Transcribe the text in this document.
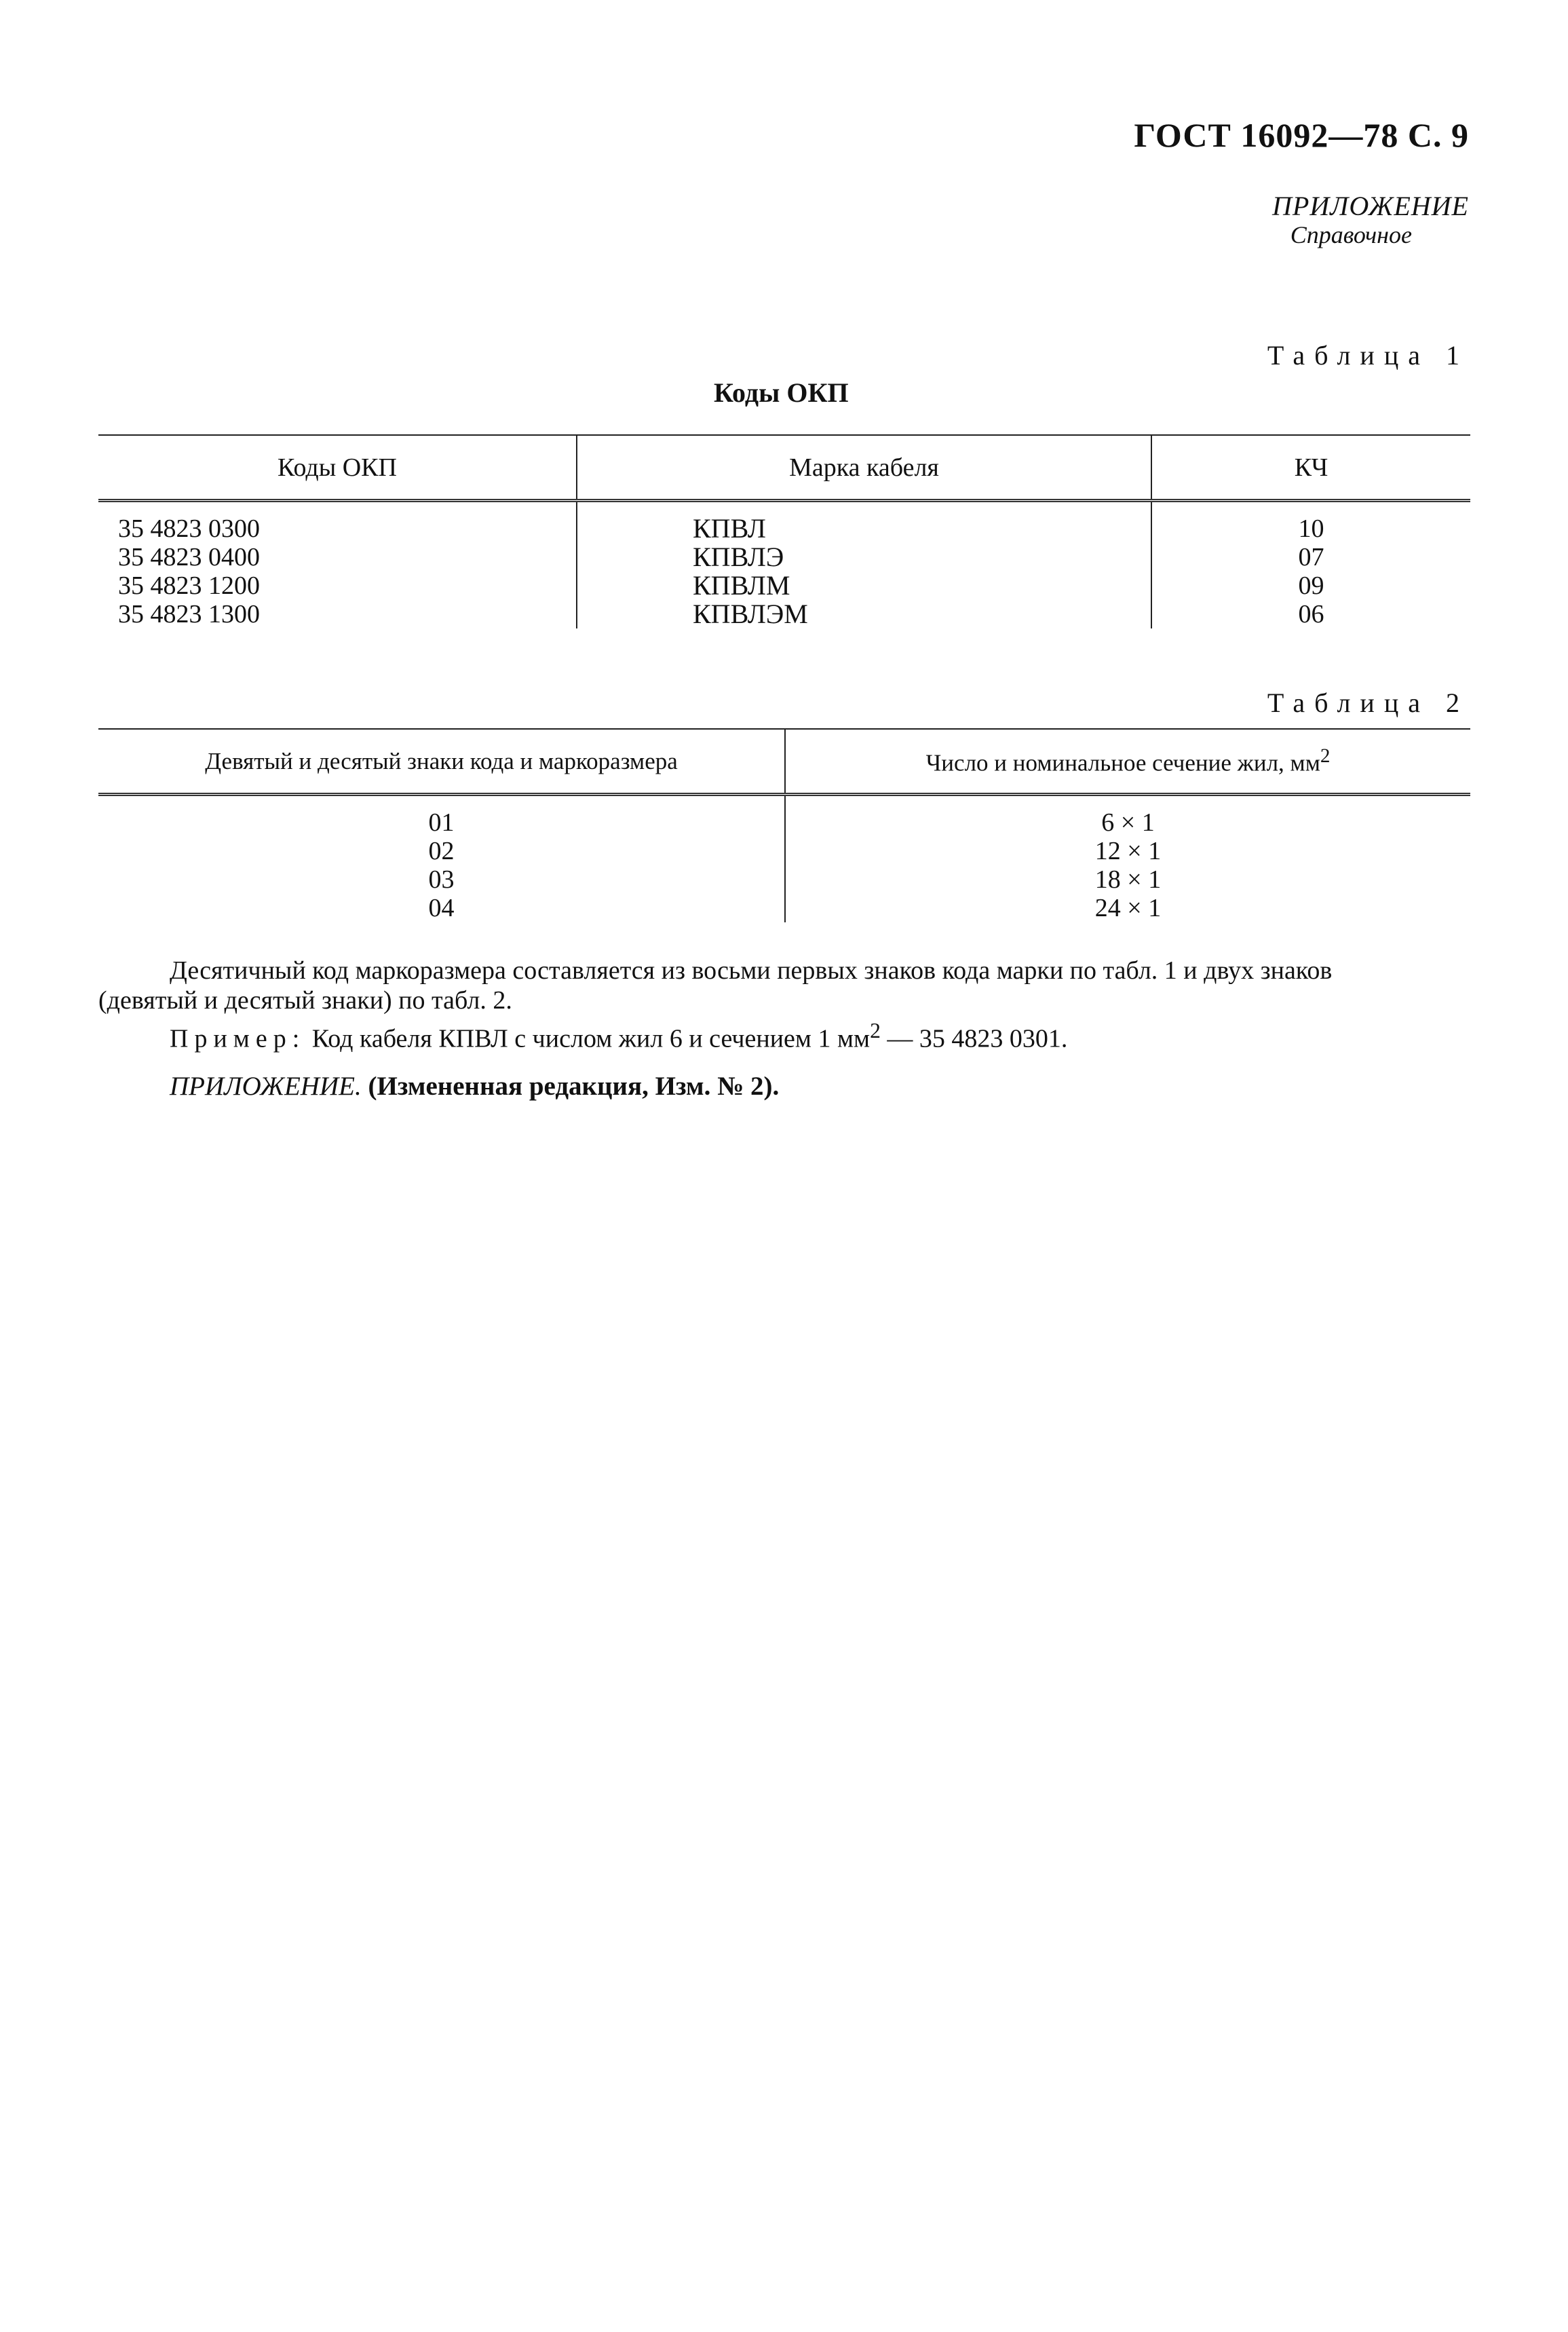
ГОСТ 16092—78 С. 9
ПРИЛОЖЕНИЕ
Справочное
Таблица 1
Коды ОКП
Коды ОКП	Марка кабеля	КЧ
35 4823 0300	КПВЛ	10
35 4823 0400	КПВЛЭ	07
35 4823 1200	КПВЛМ	09
35 4823 1300	КПВЛЭМ	06
Таблица 2
Девятый и десятый знаки кода и маркоразмера	Число и номинальное сечение жил, $мм^2$
01	6 × 1
02	12 × 1
03	18 × 1
04	24 × 1
Десятичный код маркоразмера составляется из восьми первых знаков кода марки по табл. 1 и двух знаков
(девятый и десятый знаки) по табл. 2.
Пример: Код кабеля КПВЛ с числом жил 6 и сечением 1 $мм^2$ — 35 4823 0301.
ПРИЛОЖЕНИЕ. (Измененная редакция, Изм. № 2).
